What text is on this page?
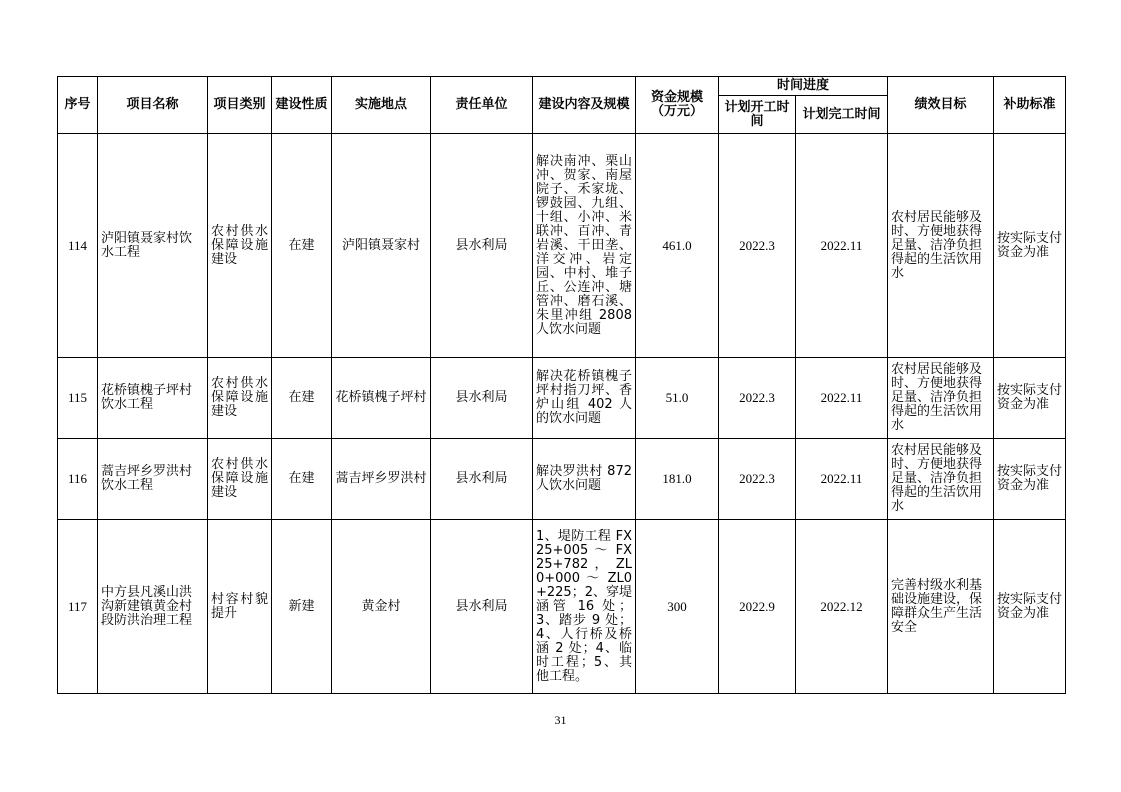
序号	项目名称	项目类别	建设性质	实施地点	责任单位	建设内容及规模	资金规模（万元）	时间进度		绩效目标	补助标准
								计划开工时间	计划完工时间		
114	泸阳镇聂家村饮水工程	农村供水保障设施建设	在建	泸阳镇聂家村	县水利局	解决南冲、栗山冲、贺家、南屋院子、禾家垅、锣鼓园、九组、十组、小冲、米联冲、百冲、青岩溪、干田垄、洋交冲、岩定园、中村、堆子丘、公连冲、塘管冲、磨石溪、朱里冲组 2808 人饮水问题	461.0	2022.3	2022.11	农村居民能够及时、方便地获得足量、洁净负担得起的生活饮用水	按实际支付资金为准
115	花桥镇槐子坪村饮水工程	农村供水保障设施建设	在建	花桥镇槐子坪村	县水利局	解决花桥镇槐子坪村指刀坪、香炉山组 402 人的饮水问题	51.0	2022.3	2022.11	农村居民能够及时、方便地获得足量、洁净负担得起的生活饮用水	按实际支付资金为准
116	蒿吉坪乡罗洪村饮水工程	农村供水保障设施建设	在建	蒿吉坪乡罗洪村	县水利局	解决罗洪村 872 人饮水问题	181.0	2022.3	2022.11	农村居民能够及时、方便地获得足量、洁净负担得起的生活饮用水	按实际支付资金为准
117	中方县凡溪山洪沟新建镇黄金村段防洪治理工程	村容村貌提升	新建	黄金村	县水利局	1、堤防工程 FX25+005 ～ FX25+782 ， ZL0+000 ～ ZL0+225；2、穿堤涵管 16 处；3、踏步 9 处；4、人行桥及桥涵 2 处；4、临时工程；5、其他工程。	300	2022.9	2022.12	完善村级水利基础设施建设，保障群众生产生活安全	按实际支付资金为准
31
